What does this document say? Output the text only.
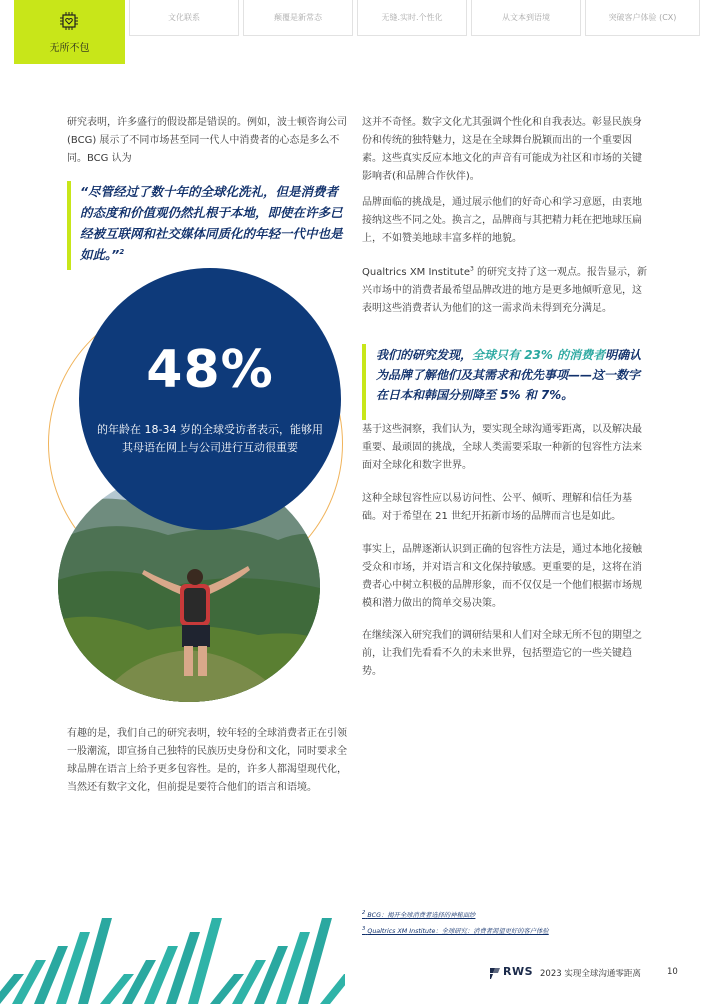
无所不包
文化联系	颠覆是新常态	无缝.实时.个性化	从文本到语境	突破客户体验 (CX)
研究表明，许多盛行的假设都是错误的。例如，波士顿咨询公司 (BCG) 展示了不同市场甚至同一代人中消费者的心态是多么不同。BCG 认为
“尽管经过了数十年的全球化洗礼，但是消费者的态度和价值观仍然扎根于本地，即使在许多已经被互联网和社交媒体同质化的年轻一代中也是如此。”$^2$
48%
的年龄在 18-34 岁的全球受访者表示，能够用其母语在网上与公司进行互动很重要
有趣的是，我们自己的研究表明，较年轻的全球消费者正在引领一股潮流，即宣扬自己独特的民族历史身份和文化，同时要求全球品牌在语言上给予更多包容性。是的，许多人都渴望现代化，当然还有数字文化，但前提是要符合他们的语言和语境。
这并不奇怪。数字文化尤其强调个性化和自我表达。彰显民族身份和传统的独特魅力，这是在全球舞台脱颖而出的一个重要因素。这些真实反应本地文化的声音有可能成为社区和市场的关键影响者(和品牌合作伙伴)。
品牌面临的挑战是，通过展示他们的好奇心和学习意愿，由衷地接纳这些不同之处。换言之，品牌商与其把精力耗在把地球压扁上，不如赞美地球丰富多样的地貌。
Qualtrics XM Institute$^3$ 的研究支持了这一观点。报告显示，新兴市场中的消费者最希望品牌改进的地方是更多地倾听意见，这表明这些消费者认为他们的这一需求尚未得到充分满足。
我们的研究发现，全球只有 23% 的消费者明确认为品牌了解他们及其需求和优先事项——这一数字在日本和韩国分别降至 5% 和 7%。
基于这些洞察，我们认为，要实现全球沟通零距离，以及解决最重要、最顽固的挑战，全球人类需要采取一种新的包容性方法来面对全球化和数字世界。
这种全球包容性应以易访问性、公平、倾听、理解和信任为基础。对于希望在 21 世纪开拓新市场的品牌而言也是如此。
事实上，品牌逐渐认识到正确的包容性方法是，通过本地化接触受众和市场，并对语言和文化保持敏感。更重要的是，这将在消费者心中树立积极的品牌形象，而不仅仅是一个他们根据市场规模和潜力做出的简单交易决策。
在继续深入研究我们的调研结果和人们对全球无所不包的期望之前，让我们先看看不久的未来世界，包括塑造它的一些关键趋势。
$^2$ BCG：揭开全球消费者选择的神秘面纱
$^3$ Qualtrics XM Institute：全球研究：消费者渴望更好的客户体验
RWS 2023 实现全球沟通零距离	10
